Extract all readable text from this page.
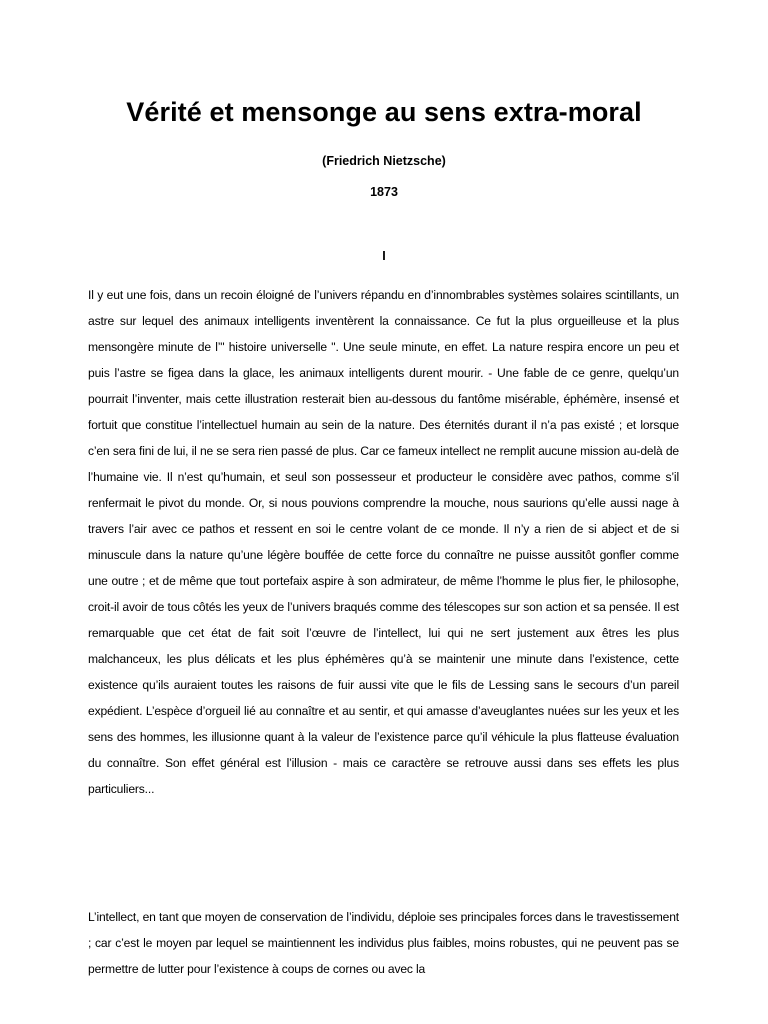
Vérité et mensonge au sens extra-moral
(Friedrich Nietzsche)
1873
I

Il y eut une fois, dans un recoin éloigné de l’univers répandu en d’innombrables systèmes solaires scintillants, un astre sur lequel des animaux intelligents inventèrent la connaissance. Ce fut la plus orgueilleuse et la plus mensongère minute de l’" histoire universelle ". Une seule minute, en effet. La nature respira encore un peu et puis l’astre se figea dans la glace, les animaux intelligents durent mourir. - Une fable de ce genre, quelqu’un pourrait l’inventer, mais cette illustration resterait bien au-dessous du fantôme misérable, éphémère, insensé et fortuit que constitue l’intellectuel humain au sein de la nature. Des éternités durant il n’a pas existé ; et lorsque c’en sera fini de lui, il ne se sera rien passé de plus. Car ce fameux intellect ne remplit aucune mission au-delà de l’humaine vie. Il n’est qu’humain, et seul son possesseur et producteur le considère avec pathos, comme s’il renfermait le pivot du monde. Or, si nous pouvions comprendre la mouche, nous saurions qu’elle aussi nage à travers l’air avec ce pathos et ressent en soi le centre volant de ce monde. Il n’y a rien de si abject et de si minuscule dans la nature qu’une légère bouffée de cette force du connaître ne puisse aussitôt gonfler comme une outre ; et de même que tout portefaix aspire à son admirateur, de même l’homme le plus fier, le philosophe, croit-il avoir de tous côtés les yeux de l’univers braqués comme des télescopes sur son action et sa pensée. Il est remarquable que cet état de fait soit l’œuvre de l’intellect, lui qui ne sert justement aux êtres les plus malchanceux, les plus délicats et les plus éphémères qu’à se maintenir une minute dans l’existence, cette existence qu’ils auraient toutes les raisons de fuir aussi vite que le fils de Lessing sans le secours d’un pareil expédient. L’espèce d’orgueil lié au connaître et au sentir, et qui amasse d’aveuglantes nuées sur les yeux et les sens des hommes, les illusionne quant à la valeur de l’existence parce qu’il véhicule la plus flatteuse évaluation du connaître. Son effet général est l’illusion - mais ce caractère se retrouve aussi dans ses effets les plus particuliers...

L’intellect, en tant que moyen de conservation de l’individu, déploie ses principales forces dans le travestissement ; car c’est le moyen par lequel se maintiennent les individus plus faibles, moins robustes, qui ne peuvent pas se permettre de lutter pour l’existence à coups de cornes ou avec la
